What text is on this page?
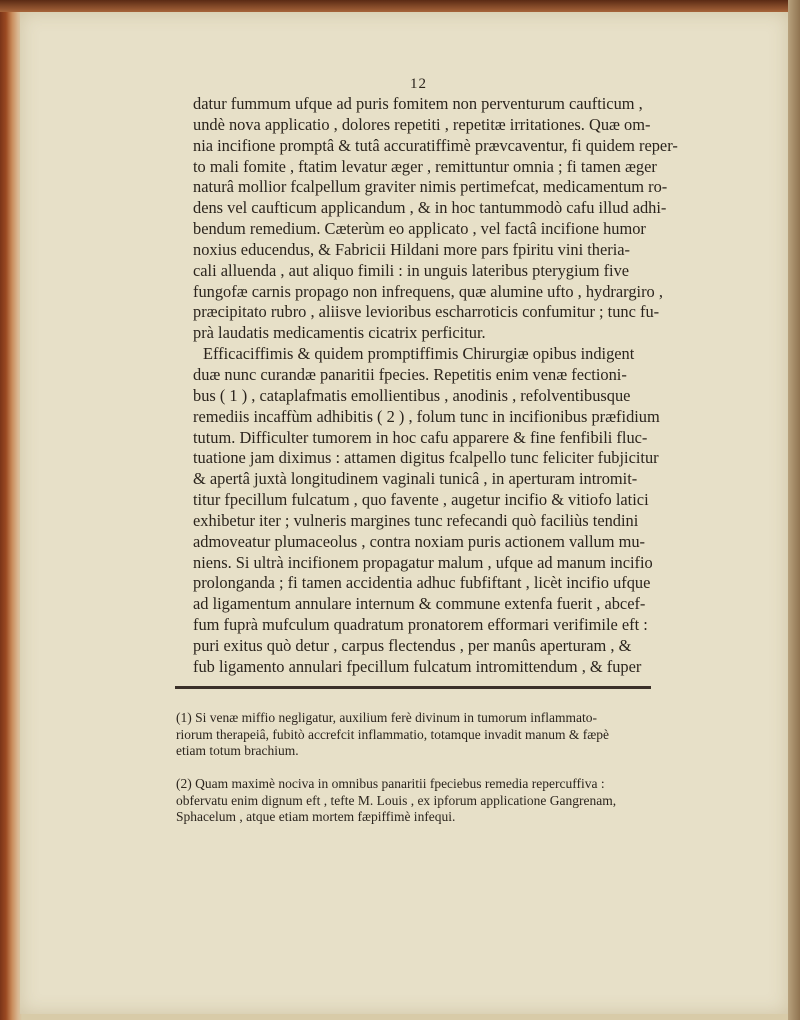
12
datur fummum ufque ad puris fomitem non perventurum caufticum ,
undè nova applicatio , dolores repetiti , repetitæ irritationes. Quæ om-
nia incifione promptâ & tutâ accuratiffimè prævcaventur, fi quidem reper-
to mali fomite , ftatim levatur æger , remittuntur omnia ; fi tamen æger
naturâ mollior fcalpellum graviter nimis pertimefcat, medicamentum ro-
dens vel caufticum applicandum , & in hoc tantummodò cafu illud adhi-
bendum remedium. Cæterùm eo applicato , vel factâ incifione humor
noxius educendus, & Fabricii Hildani more pars fpiritu vini theria-
cali alluenda , aut aliquo fimili : in unguis lateribus pterygium five
fungofæ carnis propago non infrequens, quæ alumine ufto , hydrargiro ,
præcipitato rubro , aliisve levioribus escharroticis confumitur ; tunc fu-
prà laudatis medicamentis cicatrix perficitur.
Efficaciffimis & quidem promptiffimis Chirurgiæ opibus indigent
duæ nunc curandæ panaritii fpecies. Repetitis enim venæ fectioni-
bus ( 1 ) , cataplafmatis emollientibus , anodinis , refolventibusque
remediis incaffùm adhibitis ( 2 ) , folum tunc in incifionibus præfidium
tutum. Difficulter tumorem in hoc cafu apparere & fine fenfibili fluc-
tuatione jam diximus : attamen digitus fcalpello tunc feliciter fubjicitur
& apertâ juxtà longitudinem vaginali tunicâ , in aperturam intromit-
titur fpecillum fulcatum , quo favente , augetur incifio & vitiofo latici
exhibetur iter ; vulneris margines tunc refecandi quò faciliùs tendini
admoveatur plumaceolus , contra noxiam puris actionem vallum mu-
niens. Si ultrà incifionem propagatur malum , ufque ad manum incifio
prolonganda ; fi tamen accidentia adhuc fubfiftant , licèt incifio ufque
ad ligamentum annulare internum & commune extenfa fuerit , abcef-
fum fuprà mufculum quadratum pronatorem efformari verifimile eft :
puri exitus quò detur , carpus flectendus , per manûs aperturam , &
fub ligamento annulari fpecillum fulcatum intromittendum , & fuper
(1) Si venæ miffio negligatur, auxilium ferè divinum in tumorum inflammato-
riorum therapeiâ, fubitò accrefcit inflammatio, totamque invadit manum & fæpè
etiam totum brachium.
(2) Quam maximè nociva in omnibus panaritii fpeciebus remedia repercuffiva :
obfervatu enim dignum eft , tefte M. Louis , ex ipforum applicatione Gangrenam,
Sphacelum , atque etiam mortem fæpiffimè infequi.
